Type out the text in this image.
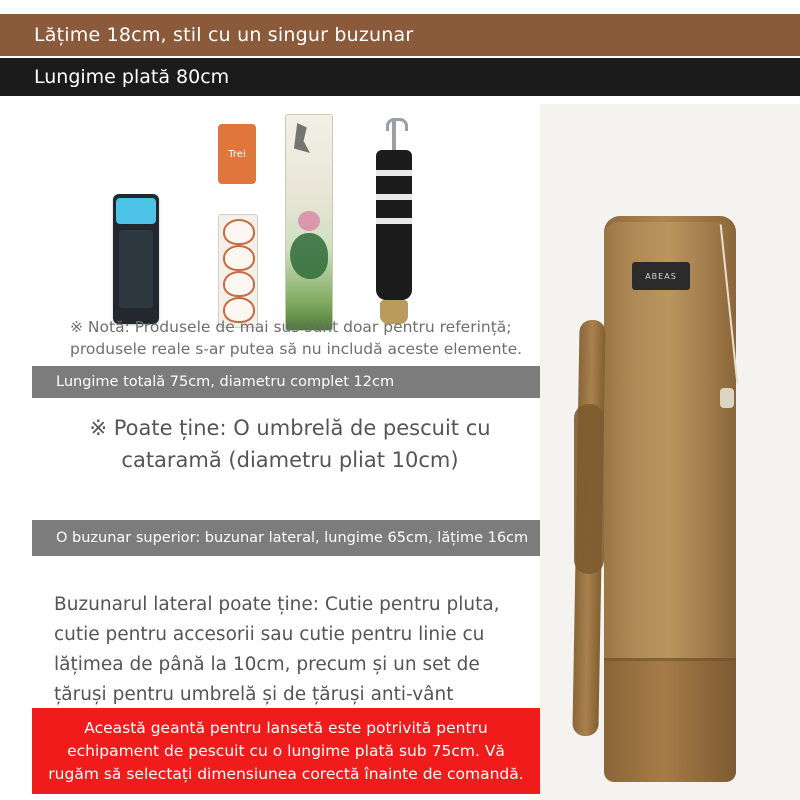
Lățime 18cm, stil cu un singur buzunar
Lungime plată 80cm
Trei
※ Notă: Produsele de mai sus sunt doar pentru referință; produsele reale s-ar putea să nu includă aceste elemente.
Lungime totală 75cm, diametru complet 12cm
※ Poate ține: O umbrelă de pescuit cu cataramă (diametru pliat 10cm)
O buzunar superior: buzunar lateral, lungime 65cm, lățime 16cm
Buzunarul lateral poate ține: Cutie pentru pluta, cutie pentru accesorii sau cutie pentru linie cu lățimea de până la 10cm, precum și un set de țăruși pentru umbrelă și de țăruși anti-vânt
Această geantă pentru lansetă este potrivită pentru echipament de pescuit cu o lungime plată sub 75cm. Vă rugăm să selectați dimensiunea corectă înainte de comandă.
ABEAS
